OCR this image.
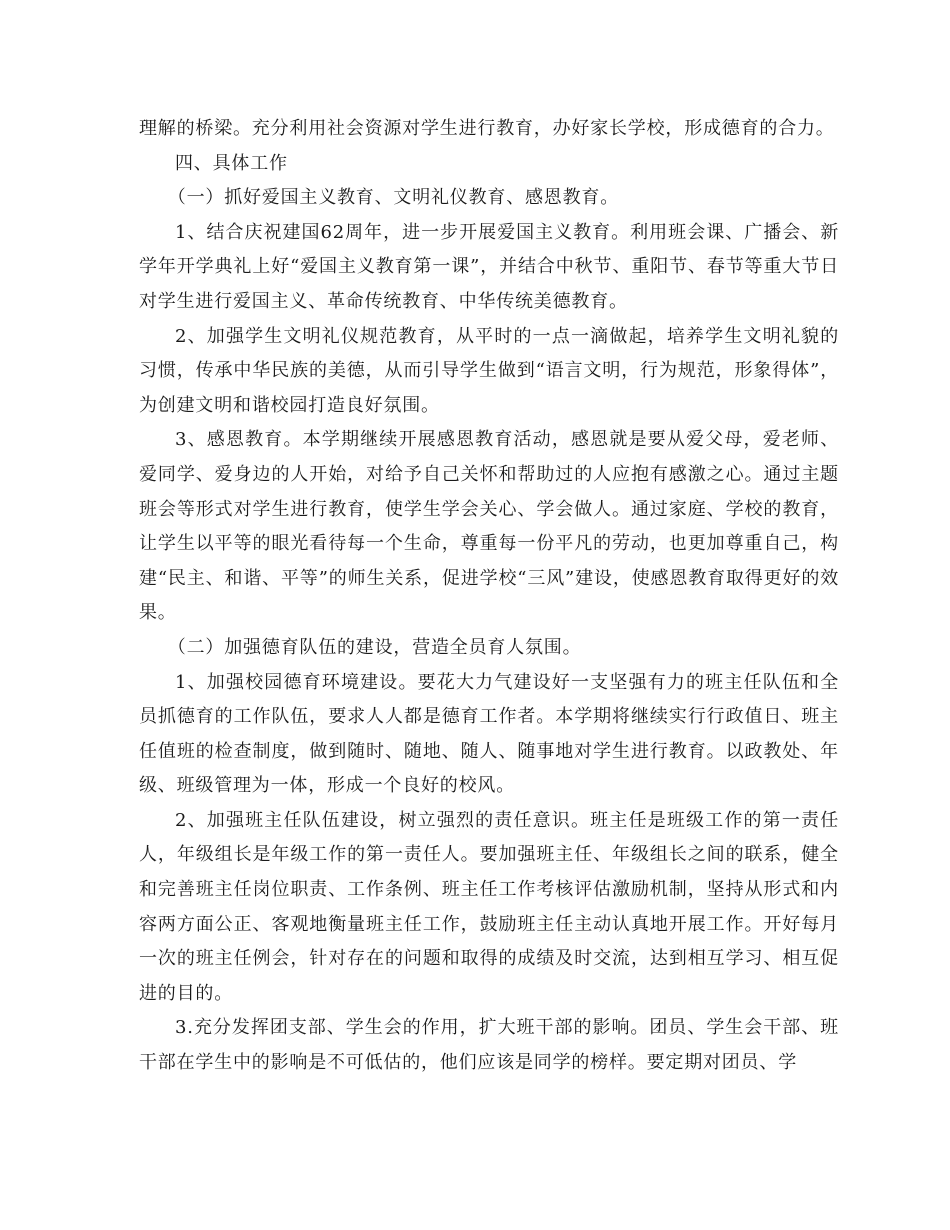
理解的桥梁。充分利用社会资源对学生进行教育，办好家长学校，形成德育的合力。

四、具体工作

（一）抓好爱国主义教育、文明礼仪教育、感恩教育。

1、结合庆祝建国62周年，进一步开展爱国主义教育。利用班会课、广播会、新学年开学典礼上好“爱国主义教育第一课”，并结合中秋节、重阳节、春节等重大节日对学生进行爱国主义、革命传统教育、中华传统美德教育。

2、加强学生文明礼仪规范教育，从平时的一点一滴做起，培养学生文明礼貌的习惯，传承中华民族的美德，从而引导学生做到“语言文明，行为规范，形象得体”，为创建文明和谐校园打造良好氛围。

3、感恩教育。本学期继续开展感恩教育活动，感恩就是要从爱父母，爱老师、爱同学、爱身边的人开始，对给予自己关怀和帮助过的人应抱有感激之心。通过主题班会等形式对学生进行教育，使学生学会关心、学会做人。通过家庭、学校的教育，让学生以平等的眼光看待每一个生命，尊重每一份平凡的劳动，也更加尊重自己，构建“民主、和谐、平等”的师生关系，促进学校“三风”建设，使感恩教育取得更好的效果。

（二）加强德育队伍的建设，营造全员育人氛围。

1、加强校园德育环境建设。要花大力气建设好一支坚强有力的班主任队伍和全员抓德育的工作队伍，要求人人都是德育工作者。本学期将继续实行行政值日、班主任值班的检查制度，做到随时、随地、随人、随事地对学生进行教育。以政教处、年级、班级管理为一体，形成一个良好的校风。

2、加强班主任队伍建设，树立强烈的责任意识。班主任是班级工作的第一责任人，年级组长是年级工作的第一责任人。要加强班主任、年级组长之间的联系，健全和完善班主任岗位职责、工作条例、班主任工作考核评估激励机制，坚持从形式和内容两方面公正、客观地衡量班主任工作，鼓励班主任主动认真地开展工作。开好每月一次的班主任例会，针对存在的问题和取得的成绩及时交流，达到相互学习、相互促进的目的。

3.充分发挥团支部、学生会的作用，扩大班干部的影响。团员、学生会干部、班干部在学生中的影响是不可低估的，他们应该是同学的榜样。要定期对团员、学
